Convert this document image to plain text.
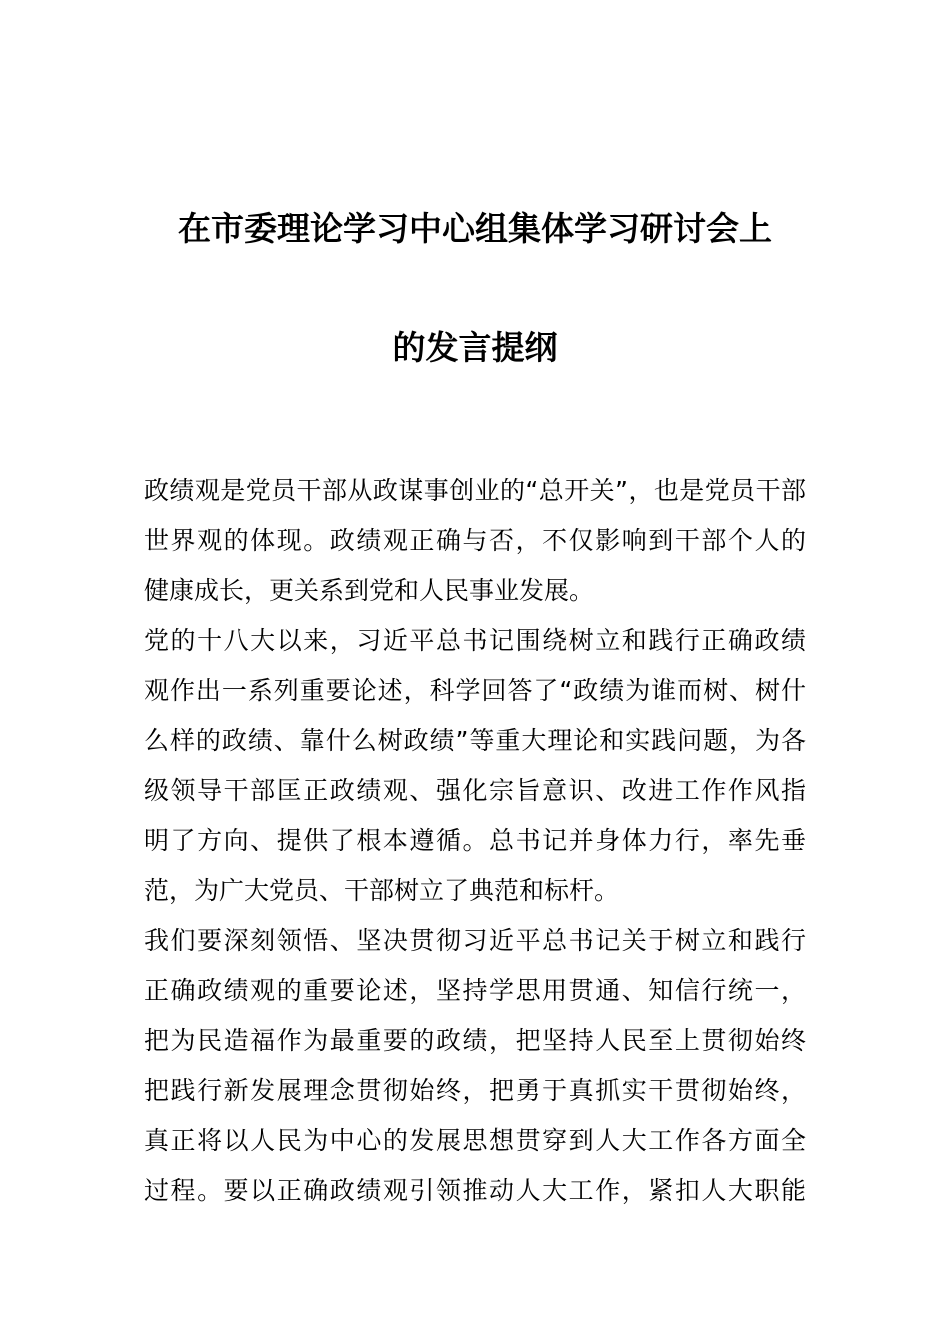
在市委理论学习中心组集体学习研讨会上
的发言提纲
政绩观是党员干部从政谋事创业的“总开关”，也是党员干部
世界观的体现。政绩观正确与否，不仅影响到干部个人的
健康成长，更关系到党和人民事业发展。
党的十八大以来，习近平总书记围绕树立和践行正确政绩
观作出一系列重要论述，科学回答了“政绩为谁而树、树什
么样的政绩、靠什么树政绩”等重大理论和实践问题，为各
级领导干部匡正政绩观、强化宗旨意识、改进工作作风指
明了方向、提供了根本遵循。总书记并身体力行，率先垂
范，为广大党员、干部树立了典范和标杆。
我们要深刻领悟、坚决贯彻习近平总书记关于树立和践行
正确政绩观的重要论述，坚持学思用贯通、知信行统一，
把为民造福作为最重要的政绩，把坚持人民至上贯彻始终
把践行新发展理念贯彻始终，把勇于真抓实干贯彻始终，
真正将以人民为中心的发展思想贯穿到人大工作各方面全
过程。要以正确政绩观引领推动人大工作，紧扣人大职能
